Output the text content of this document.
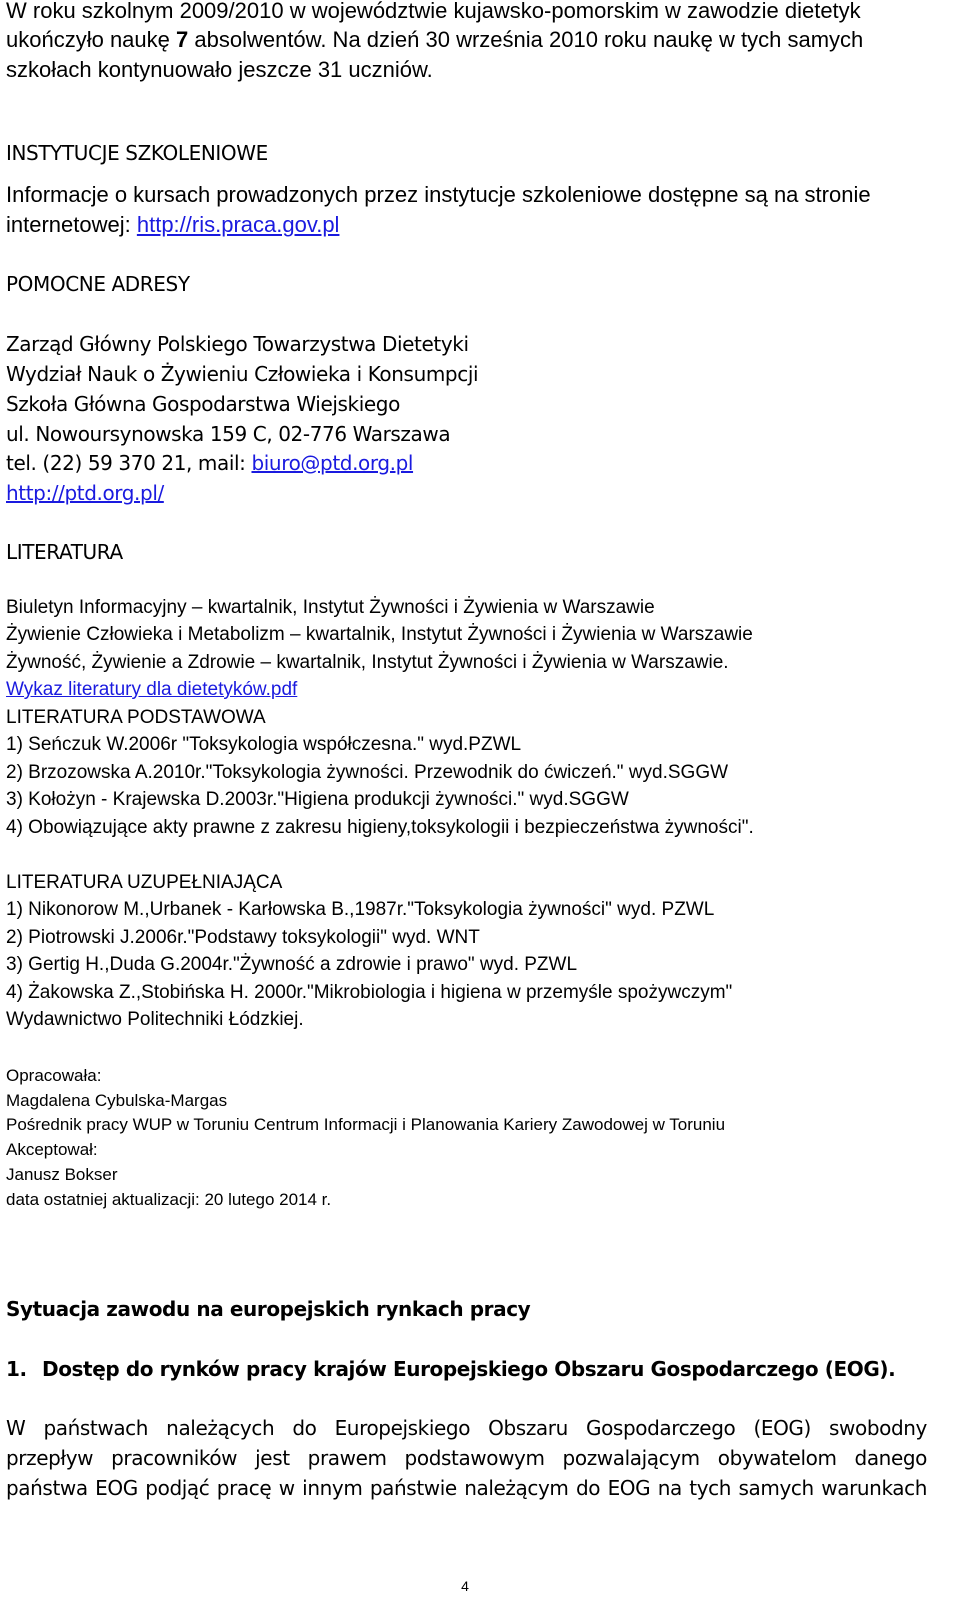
W roku szkolnym 2009/2010 w województwie kujawsko-pomorskim w zawodzie dietetyk
ukończyło naukę 7 absolwentów. Na dzień 30 września 2010 roku naukę w tych samych
szkołach kontynuowało jeszcze 31 uczniów.
INSTYTUCJE SZKOLENIOWE
Informacje o kursach prowadzonych przez instytucje szkoleniowe dostępne są na stronie
internetowej: http://ris.praca.gov.pl
POMOCNE ADRESY
Zarząd Główny Polskiego Towarzystwa Dietetyki
Wydział Nauk o Żywieniu Człowieka i Konsumpcji
Szkoła Główna Gospodarstwa Wiejskiego
ul. Nowoursynowska 159 C, 02-776 Warszawa
tel. (22) 59 370 21, mail: biuro@ptd.org.pl
http://ptd.org.pl/
LITERATURA
Biuletyn Informacyjny – kwartalnik, Instytut Żywności i Żywienia w Warszawie
Żywienie Człowieka i Metabolizm – kwartalnik, Instytut Żywności i Żywienia w Warszawie
Żywność, Żywienie a Zdrowie – kwartalnik, Instytut Żywności i Żywienia w Warszawie.
Wykaz literatury dla dietetyków.pdf
LITERATURA PODSTAWOWA
1) Seńczuk W.2006r "Toksykologia współczesna." wyd.PZWL
2) Brzozowska A.2010r."Toksykologia żywności. Przewodnik do ćwiczeń." wyd.SGGW
3) Kołożyn - Krajewska D.2003r."Higiena produkcji żywności." wyd.SGGW
4) Obowiązujące akty prawne z zakresu higieny,toksykologii i bezpieczeństwa żywności".
LITERATURA UZUPEŁNIAJĄCA
1) Nikonorow M.,Urbanek - Karłowska B.,1987r."Toksykologia żywności" wyd. PZWL
2) Piotrowski J.2006r."Podstawy toksykologii" wyd. WNT
3) Gertig H.,Duda G.2004r."Żywność a zdrowie i prawo" wyd. PZWL
4) Żakowska Z.,Stobińska H. 2000r."Mikrobiologia i higiena w przemyśle spożywczym"
Wydawnictwo Politechniki Łódzkiej.
Opracowała:
Magdalena Cybulska-Margas
Pośrednik pracy WUP w Toruniu Centrum Informacji i Planowania Kariery Zawodowej w Toruniu
Akceptował:
Janusz Bokser
data ostatniej aktualizacji: 20 lutego 2014 r.
Sytuacja zawodu na europejskich rynkach pracy
1. Dostęp do rynków pracy krajów Europejskiego Obszaru Gospodarczego (EOG).
W państwach należących do Europejskiego Obszaru Gospodarczego (EOG) swobodny
przepływ pracowników jest prawem podstawowym pozwalającym obywatelom danego
państwa EOG podjąć pracę w innym państwie należącym do EOG na tych samych warunkach
4
